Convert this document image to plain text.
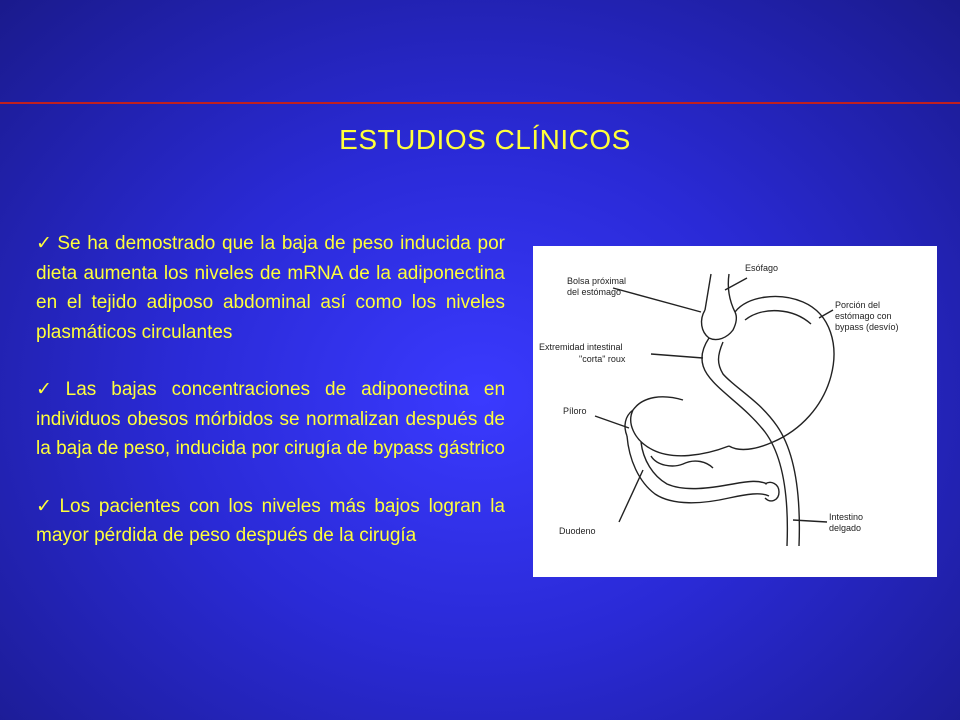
ESTUDIOS CLÍNICOS

✓ Se ha demostrado que la baja de peso inducida por dieta aumenta los niveles de mRNA de la adiponectina en el tejido adiposo abdominal así como los niveles plasmáticos circulantes

✓ Las bajas concentraciones de adiponectina en individuos obesos mórbidos se normalizan después de la baja de peso, inducida por cirugía de bypass gástrico

✓ Los pacientes con los niveles más bajos logran la mayor pérdida de peso después de la cirugía

Esófago
Bolsa próximal
del estómago
Porción del
estómago con
bypass (desvío)
Extremidad intestinal
"corta" roux
Píloro
Intestino
delgado
Duodeno
